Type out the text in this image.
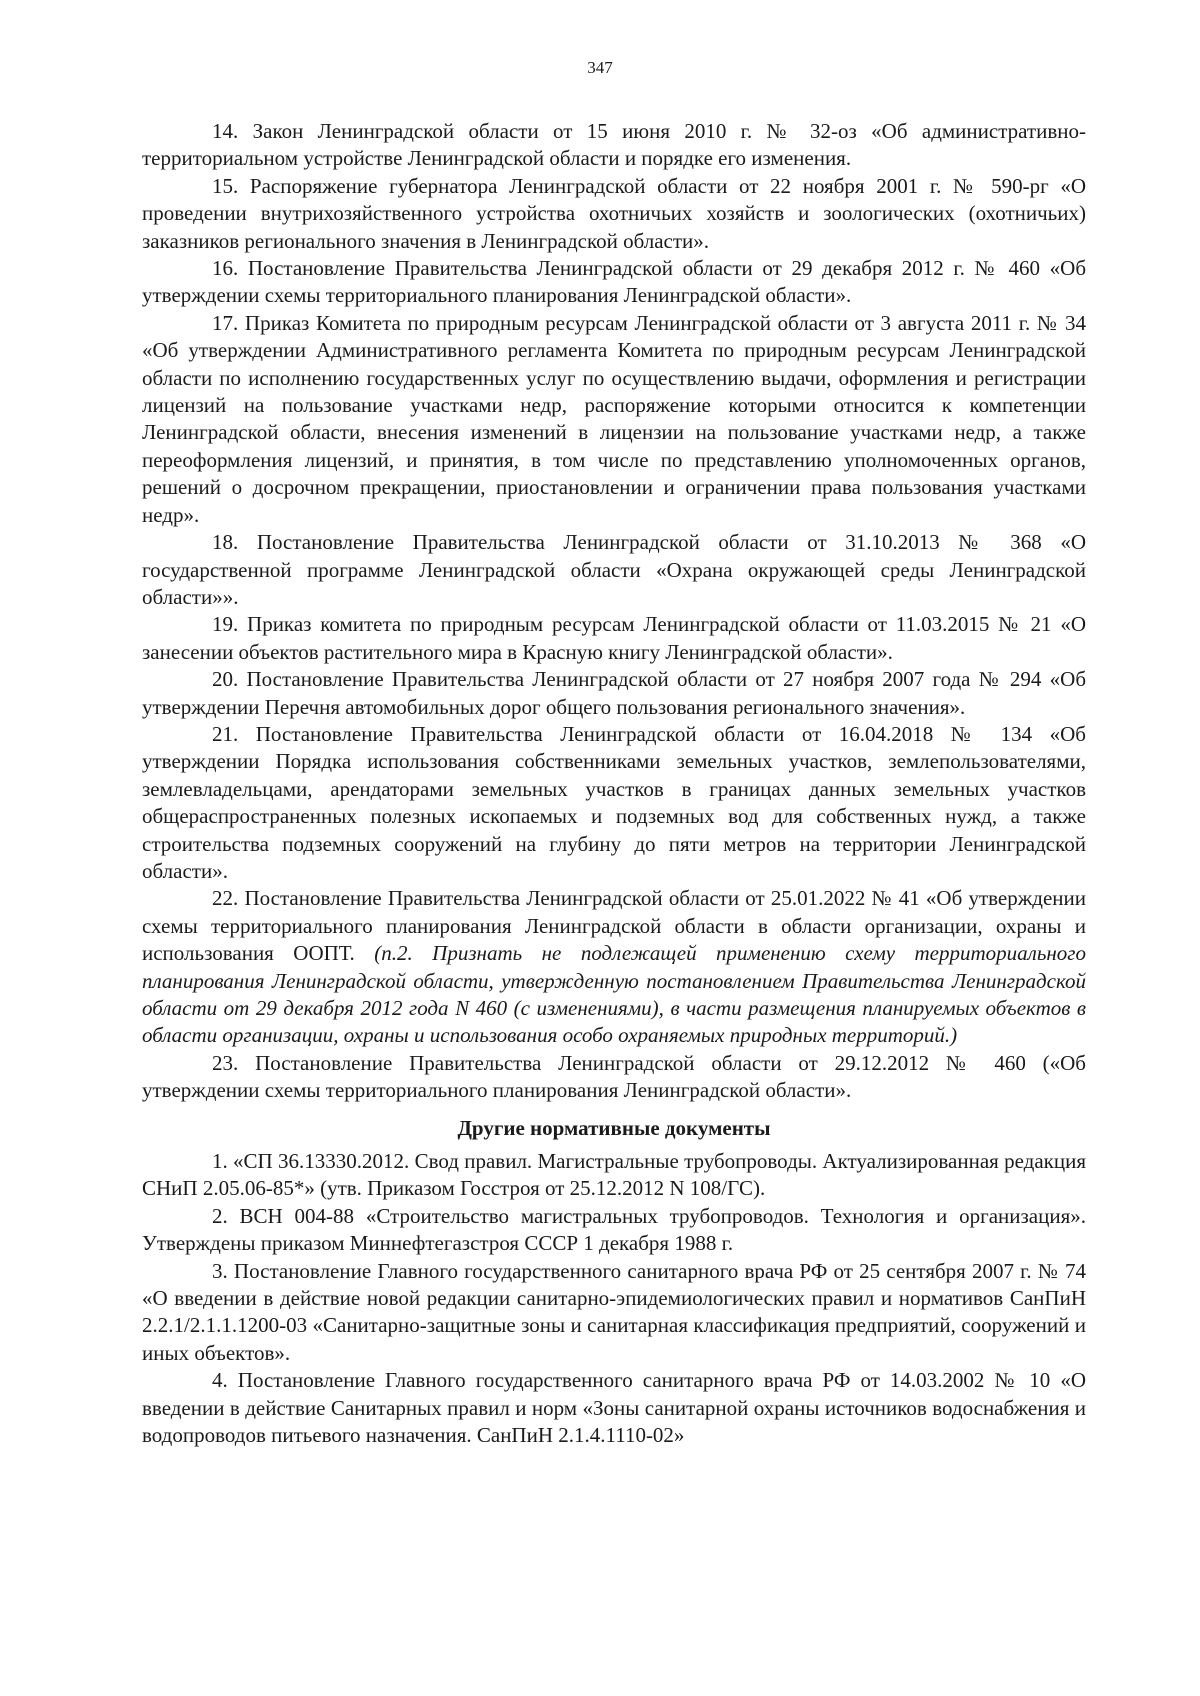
347

14. Закон Ленинградской области от 15 июня 2010 г. № 32-оз «Об административно-территориальном устройстве Ленинградской области и порядке его изменения.

15. Распоряжение губернатора Ленинградской области от 22 ноября 2001 г. № 590-рг «О проведении внутрихозяйственного устройства охотничьих хозяйств и зоологических (охотничьих) заказников регионального значения в Ленинградской области».

16. Постановление Правительства Ленинградской области от 29 декабря 2012 г. № 460 «Об утверждении схемы территориального планирования Ленинградской области».

17. Приказ Комитета по природным ресурсам Ленинградской области от 3 августа 2011 г. № 34 «Об утверждении Административного регламента Комитета по природным ресурсам Ленинградской области по исполнению государственных услуг по осуществлению выдачи, оформления и регистрации лицензий на пользование участками недр, распоряжение которыми относится к компетенции Ленинградской области, внесения изменений в лицензии на пользование участками недр, а также переоформления лицензий, и принятия, в том числе по представлению уполномоченных органов, решений о досрочном прекращении, приостановлении и ограничении права пользования участками недр».

18. Постановление Правительства Ленинградской области от 31.10.2013 № 368 «О государственной программе Ленинградской области «Охрана окружающей среды Ленинградской области»».

19. Приказ комитета по природным ресурсам Ленинградской области от 11.03.2015 № 21 «О занесении объектов растительного мира в Красную книгу Ленинградской области».

20. Постановление Правительства Ленинградской области от 27 ноября 2007 года № 294 «Об утверждении Перечня автомобильных дорог общего пользования регионального значения».

21. Постановление Правительства Ленинградской области от 16.04.2018 № 134 «Об утверждении Порядка использования собственниками земельных участков, землепользователями, землевладельцами, арендаторами земельных участков в границах данных земельных участков общераспространенных полезных ископаемых и подземных вод для собственных нужд, а также строительства подземных сооружений на глубину до пяти метров на территории Ленинградской области».

22. Постановление Правительства Ленинградской области от 25.01.2022 № 41 «Об утверждении схемы территориального планирования Ленинградской области в области организации, охраны и использования ООПТ. (п.2. Признать не подлежащей применению схему территориального планирования Ленинградской области, утвержденную постановлением Правительства Ленинградской области от 29 декабря 2012 года N 460 (с изменениями), в части размещения планируемых объектов в области организации, охраны и использования особо охраняемых природных территорий.)

23. Постановление Правительства Ленинградской области от 29.12.2012 № 460 («Об утверждении схемы территориального планирования Ленинградской области».

Другие нормативные документы

1. «СП 36.13330.2012. Свод правил. Магистральные трубопроводы. Актуализированная редакция СНиП 2.05.06-85*» (утв. Приказом Госстроя от 25.12.2012 N 108/ГС).

2. ВСН 004-88 «Строительство магистральных трубопроводов. Технология и организация». Утверждены приказом Миннефтегазстроя СССР 1 декабря 1988 г.

3. Постановление Главного государственного санитарного врача РФ от 25 сентября 2007 г. № 74 «О введении в действие новой редакции санитарно-эпидемиологических правил и нормативов СанПиН 2.2.1/2.1.1.1200-03 «Санитарно-защитные зоны и санитарная классификация предприятий, сооружений и иных объектов».

4. Постановление Главного государственного санитарного врача РФ от 14.03.2002 № 10 «О введении в действие Санитарных правил и норм «Зоны санитарной охраны источников водоснабжения и водопроводов питьевого назначения. СанПиН 2.1.4.1110-02»
